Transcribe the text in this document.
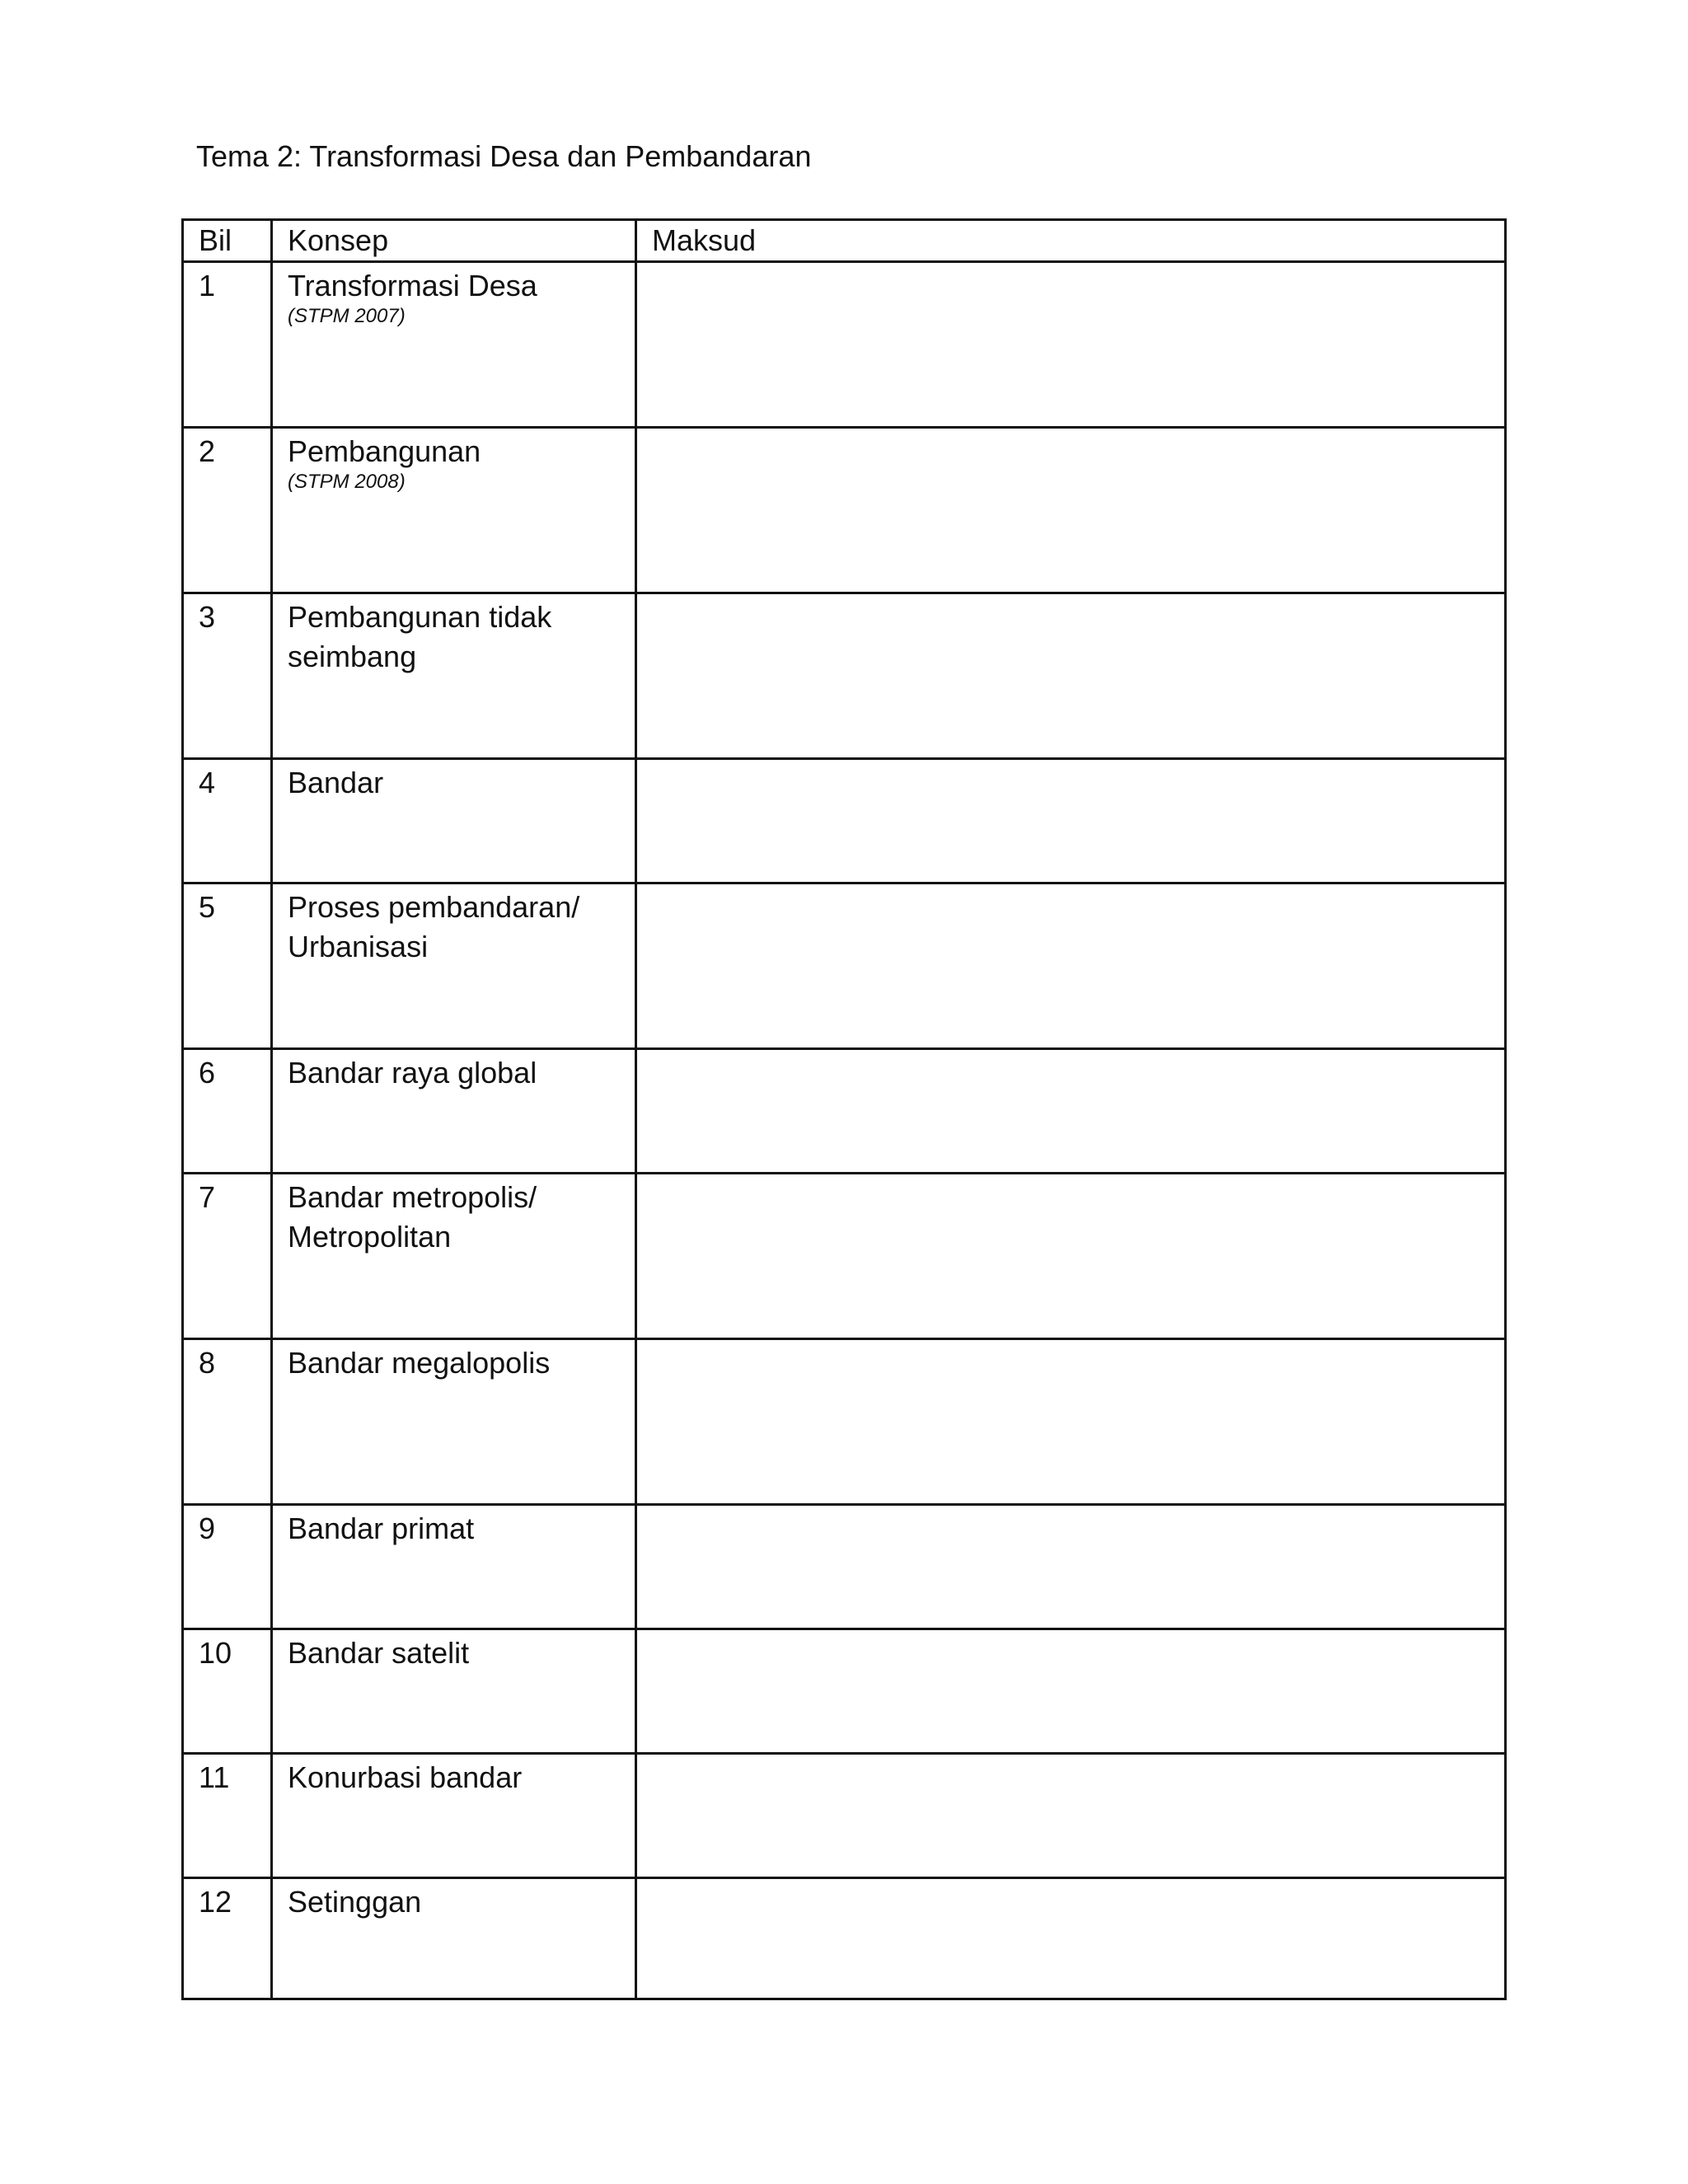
Tema 2: Transformasi Desa dan Pembandaran
Bil	Konsep	Maksud
1	Transformasi Desa
(STPM 2007)	

2	Pembangunan
(STPM 2008)	

3	Pembangunan tidak seimbang	
4	Bandar	
5	Proses pembandaran/ Urbanisasi	
6	Bandar raya global	
7	Bandar metropolis/ Metropolitan	
8	Bandar megalopolis	
9	Bandar primat	
10	Bandar satelit	
11	Konurbasi bandar	
12	Setinggan	
